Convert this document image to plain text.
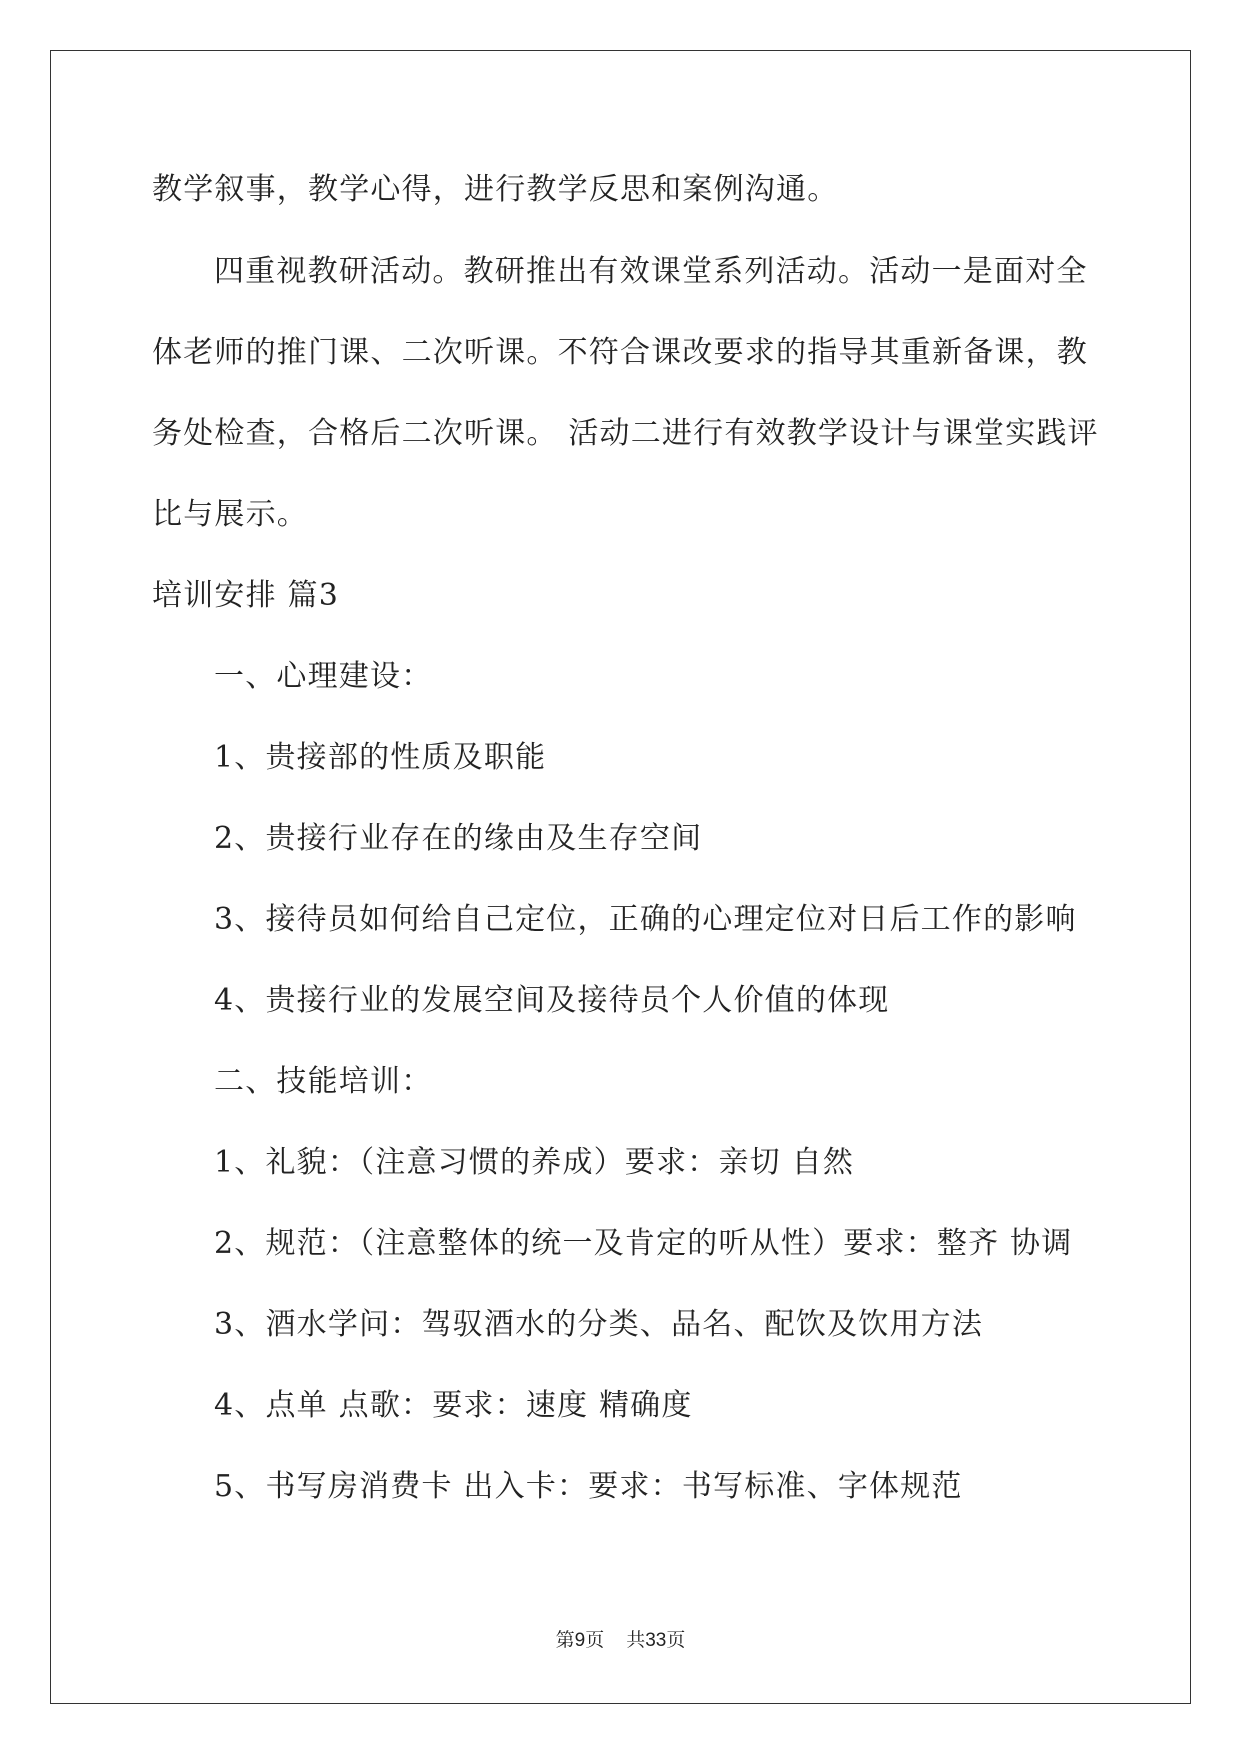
教学叙事，教学心得，进行教学反思和案例沟通。
四重视教研活动。教研推出有效课堂系列活动。活动一是面对全
体老师的推门课、二次听课。不符合课改要求的指导其重新备课，教
务处检查，合格后二次听课。 活动二进行有效教学设计与课堂实践评
比与展示。
培训安排 篇3
一、心理建设：
1、贵接部的性质及职能
2、贵接行业存在的缘由及生存空间
3、接待员如何给自己定位，正确的心理定位对日后工作的影响
4、贵接行业的发展空间及接待员个人价值的体现
二、技能培训：
1、礼貌：（注意习惯的养成）要求：亲切 自然
2、规范：（注意整体的统一及肯定的听从性）要求：整齐 协调
3、酒水学问：驾驭酒水的分类、品名、配饮及饮用方法
4、点单 点歌：要求：速度 精确度
5、书写房消费卡 出入卡：要求：书写标准、字体规范
第9页 共33页
